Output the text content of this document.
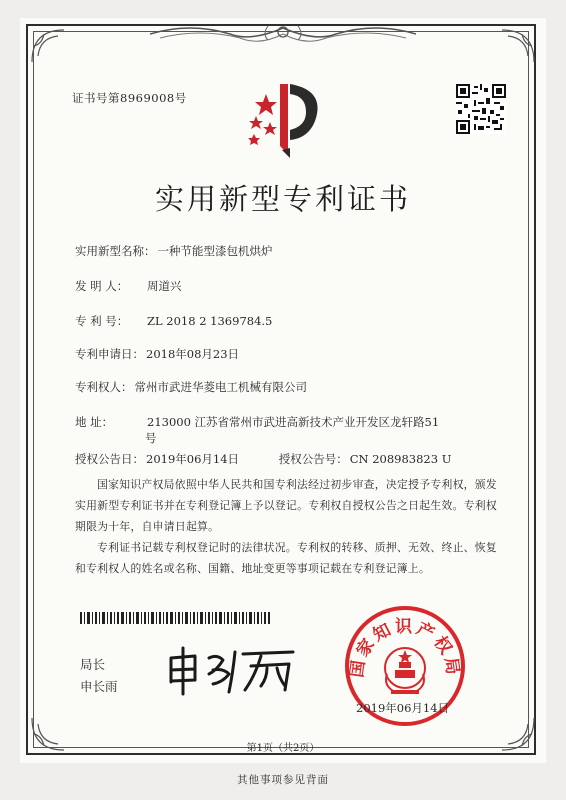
证书号第8969008号
实用新型专利证书
实用新型名称： 一种节能型漆包机烘炉
发 明 人： 周道兴
专 利 号： ZL 2018 2 1369784.5
专利申请日： 2018年08月23日
专利权人： 常州市武进华菱电工机械有限公司
地 址：	213000 江苏省常州市武进高新技术产业开发区龙轩路51
号
授权公告日： 2019年06月14日	授权公告号： CN 208983823 U
国家知识产权局依照中华人民共和国专利法经过初步审查，决定授予专利权，颁发实用新型专利证书并在专利登记簿上予以登记。专利权自授权公告之日起生效。专利权期限为十年，自申请日起算。
专利证书记载专利权登记时的法律状况。专利权的转移、质押、无效、终止、恢复和专利权人的姓名或名称、国籍、地址变更等事项记载在专利登记簿上。
局长
申长雨
国家知识产权局
2019年06月14日
第1页（共2页）
其他事项参见背面
